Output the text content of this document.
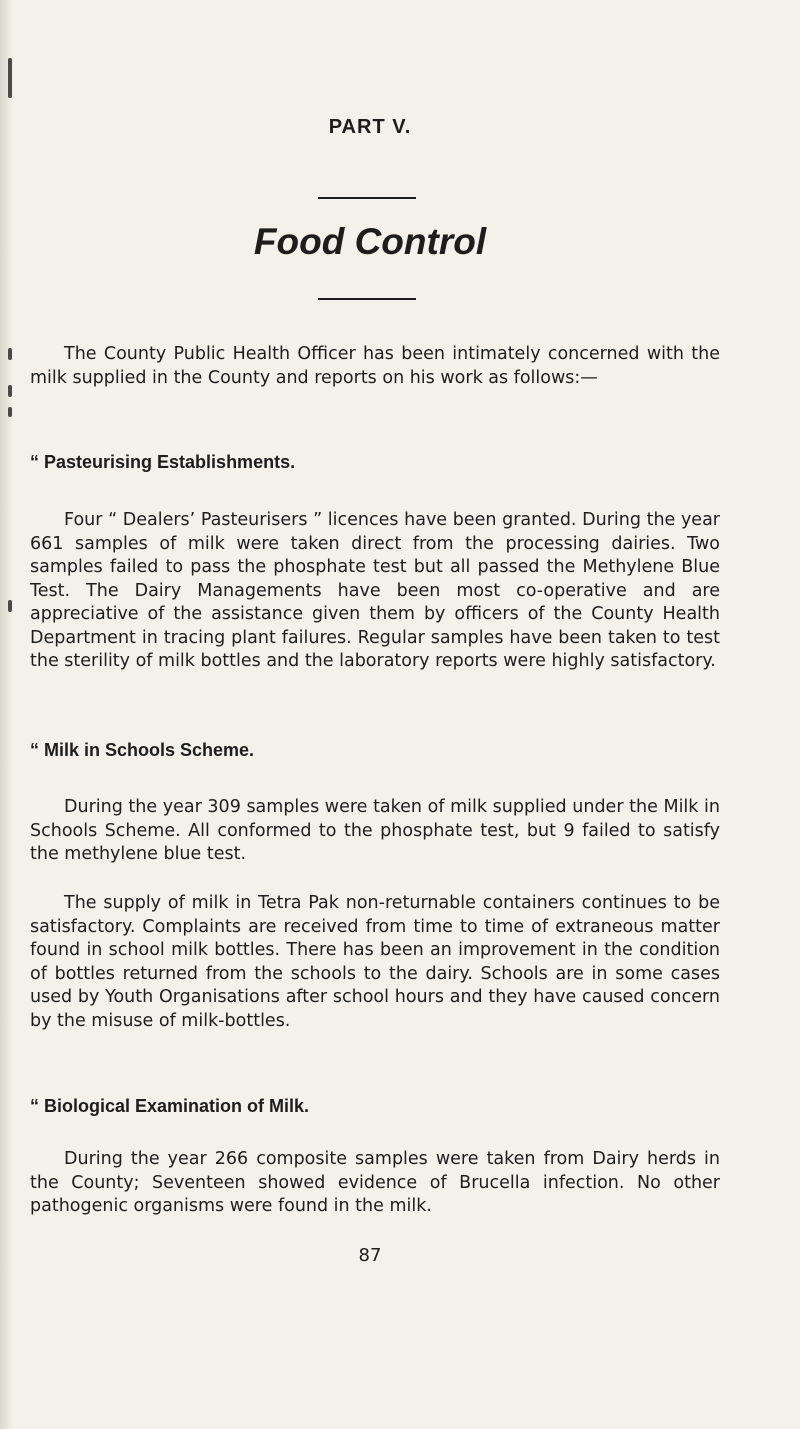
PART V.
Food Control

The County Public Health Officer has been intimately concerned with the milk supplied in the County and reports on his work as follows:—

“ Pasteurising Establishments.

Four “ Dealers’ Pasteurisers ” licences have been granted. During the year 661 samples of milk were taken direct from the processing dairies. Two samples failed to pass the phosphate test but all passed the Methylene Blue Test. The Dairy Managements have been most co-operative and are appreciative of the assistance given them by officers of the County Health Department in tracing plant failures. Regular samples have been taken to test the sterility of milk bottles and the laboratory reports were highly satisfactory.

“ Milk in Schools Scheme.

During the year 309 samples were taken of milk supplied under the Milk in Schools Scheme. All conformed to the phosphate test, but 9 failed to satisfy the methylene blue test.

The supply of milk in Tetra Pak non-returnable containers continues to be satisfactory. Complaints are received from time to time of extraneous matter found in school milk bottles. There has been an improvement in the condition of bottles returned from the schools to the dairy. Schools are in some cases used by Youth Organisations after school hours and they have caused concern by the misuse of milk-bottles.

“ Biological Examination of Milk.

During the year 266 composite samples were taken from Dairy herds in the County; Seventeen showed evidence of Brucella infection. No other pathogenic organisms were found in the milk.

87
